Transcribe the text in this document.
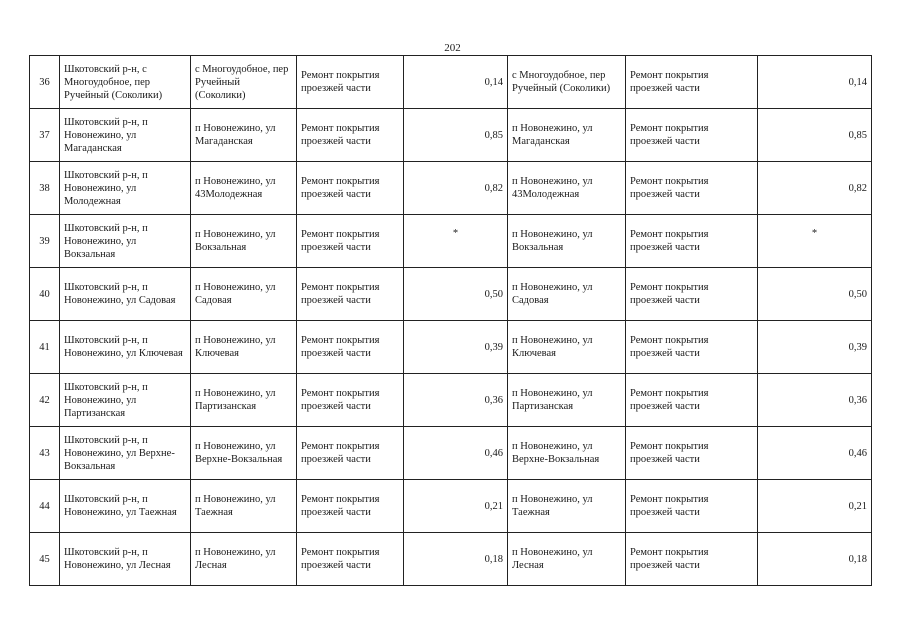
202
36	Шкотовский р-н, с Многоудобное, пер Ручейный (Соколики)	с Многоудобное, пер Ручейный (Соколики)	Ремонт покрытия проезжей части	0,14	с Многоудобное, пер Ручейный (Соколики)	Ремонт покрытия проезжей части	0,14
37	Шкотовский р-н, п Новонежино, ул Магаданская	п Новонежино, ул Магаданская	Ремонт покрытия проезжей части	0,85	п Новонежино, ул Магаданская	Ремонт покрытия проезжей части	0,85
38	Шкотовский р-н, п Новонежино, ул Молодежная	п Новонежино, ул 43Молодежная	Ремонт покрытия проезжей части	0,82	п Новонежино, ул 43Молодежная	Ремонт покрытия проезжей части	0,82
39	Шкотовский р-н, п Новонежино, ул Вокзальная	п Новонежино, ул Вокзальная	Ремонт покрытия проезжей части	*	п Новонежино, ул Вокзальная	Ремонт покрытия проезжей части	*
40	Шкотовский р-н, п Новонежино, ул Садовая	п Новонежино, ул Садовая	Ремонт покрытия проезжей части	0,50	п Новонежино, ул Садовая	Ремонт покрытия проезжей части	0,50
41	Шкотовский р-н, п Новонежино, ул Ключевая	п Новонежино, ул Ключевая	Ремонт покрытия проезжей части	0,39	п Новонежино, ул Ключевая	Ремонт покрытия проезжей части	0,39
42	Шкотовский р-н, п Новонежино, ул Партизанская	п Новонежино, ул Партизанская	Ремонт покрытия проезжей части	0,36	п Новонежино, ул Партизанская	Ремонт покрытия проезжей части	0,36
43	Шкотовский р-н, п Новонежино, ул Верхне-Вокзальная	п Новонежино, ул Верхне-Вокзальная	Ремонт покрытия проезжей части	0,46	п Новонежино, ул Верхне-Вокзальная	Ремонт покрытия проезжей части	0,46
44	Шкотовский р-н, п Новонежино, ул Таежная	п Новонежино, ул Таежная	Ремонт покрытия проезжей части	0,21	п Новонежино, ул Таежная	Ремонт покрытия проезжей части	0,21
45	Шкотовский р-н, п Новонежино, ул Лесная	п Новонежино, ул Лесная	Ремонт покрытия проезжей части	0,18	п Новонежино, ул Лесная	Ремонт покрытия проезжей части	0,18
